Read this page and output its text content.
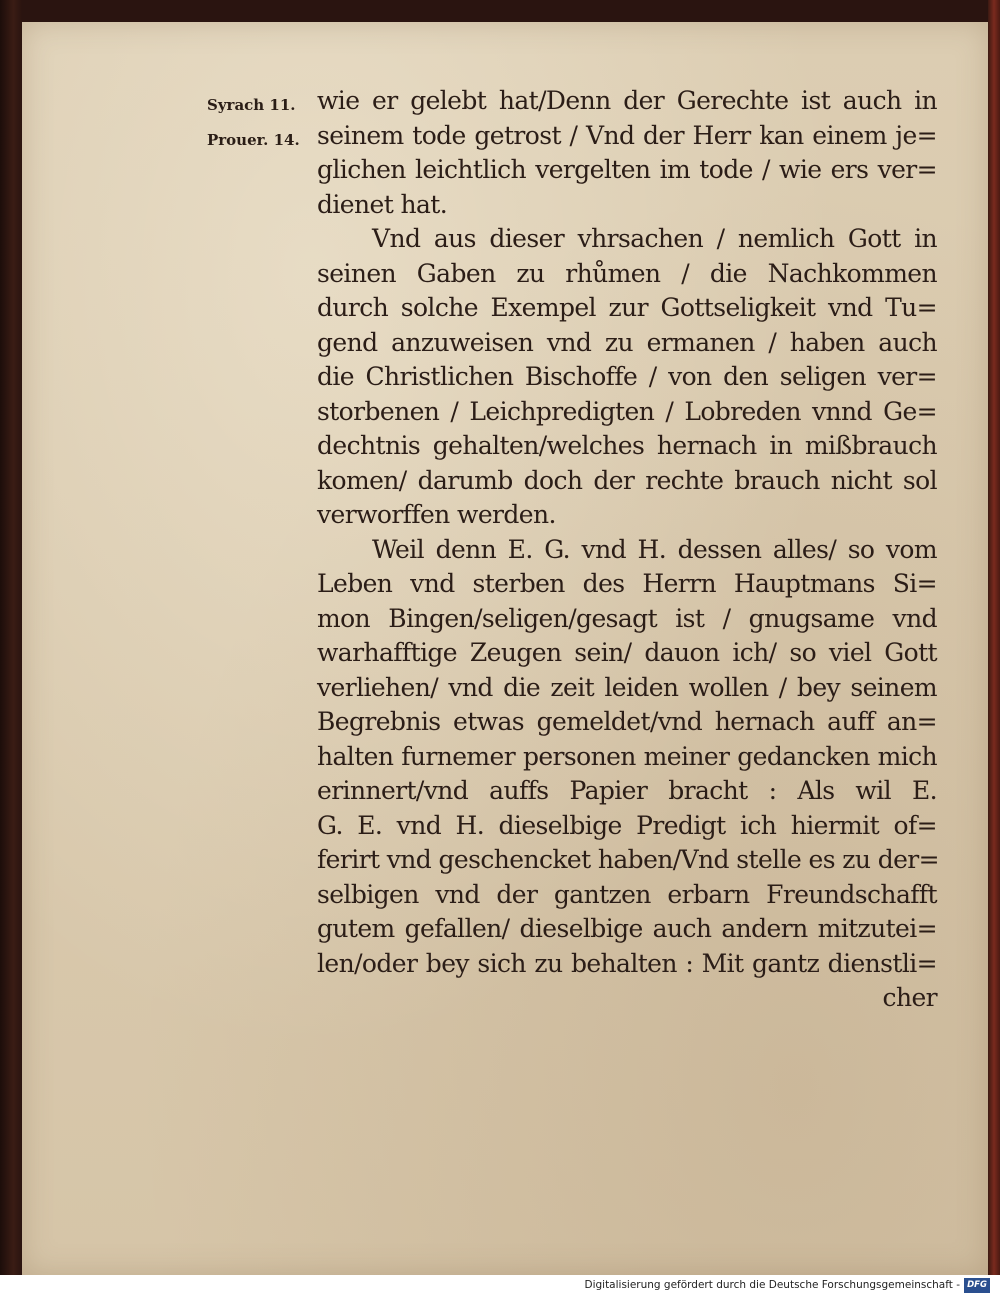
Syrach 11.
Prouer. 14.
wie er gelebt hat/Denn der Gerechte ist auch in
seinem tode getrost / Vnd der Herr kan einem je=
glichen leichtlich vergelten im tode / wie ers ver=
dienet hat.
Vnd aus dieser vhrsachen / nemlich Gott in
seinen Gaben zu rhůmen / die Nachkommen
durch solche Exempel zur Gottseligkeit vnd Tu=
gend anzuweisen vnd zu ermanen / haben auch
die Christlichen Bischoffe / von den seligen ver=
storbenen / Leichpredigten / Lobreden vnnd Ge=
dechtnis gehalten/welches hernach in mißbrauch
komen/ darumb doch der rechte brauch nicht sol
verworffen werden.
Weil denn E. G. vnd H. dessen alles/ so vom
Leben vnd sterben des Herrn Hauptmans Si=
mon Bingen/seligen/gesagt ist / gnugsame vnd
warhafftige Zeugen sein/ dauon ich/ so viel Gott
verliehen/ vnd die zeit leiden wollen / bey seinem
Begrebnis etwas gemeldet/vnd hernach auff an=
halten furnemer personen meiner gedancken mich
erinnert/vnd auffs Papier bracht : Als wil E.
G. E. vnd H. dieselbige Predigt ich hiermit of=
ferirt vnd geschencket haben/Vnd stelle es zu der=
selbigen vnd der gantzen erbarn Freundschafft
gutem gefallen/ dieselbige auch andern mitzutei=
len/oder bey sich zu behalten : Mit gantz dienstli=
cher
Digitalisierung gefördert durch die Deutsche Forschungsgemeinschaft - DFG
